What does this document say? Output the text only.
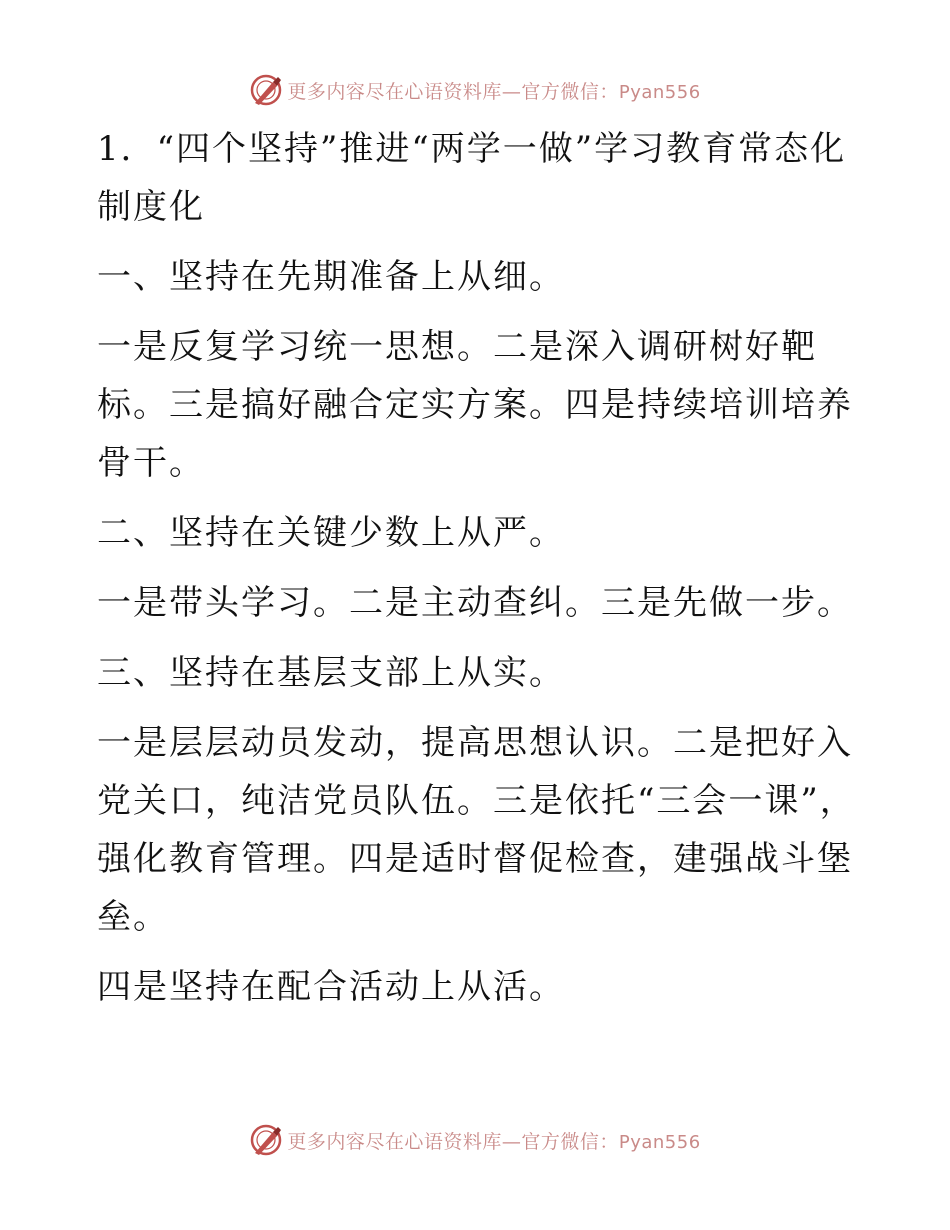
更多内容尽在心语资料库—官方微信：Pyan556

1．“四个坚持”推进“两学一做”学习教育常态化制度化

一、坚持在先期准备上从细。

一是反复学习统一思想。二是深入调研树好靶标。三是搞好融合定实方案。四是持续培训培养骨干。

二、坚持在关键少数上从严。

一是带头学习。二是主动查纠。三是先做一步。

三、坚持在基层支部上从实。

一是层层动员发动，提高思想认识。二是把好入党关口，纯洁党员队伍。三是依托“三会一课”，强化教育管理。四是适时督促检查，建强战斗堡垒。

四是坚持在配合活动上从活。

更多内容尽在心语资料库—官方微信：Pyan556
